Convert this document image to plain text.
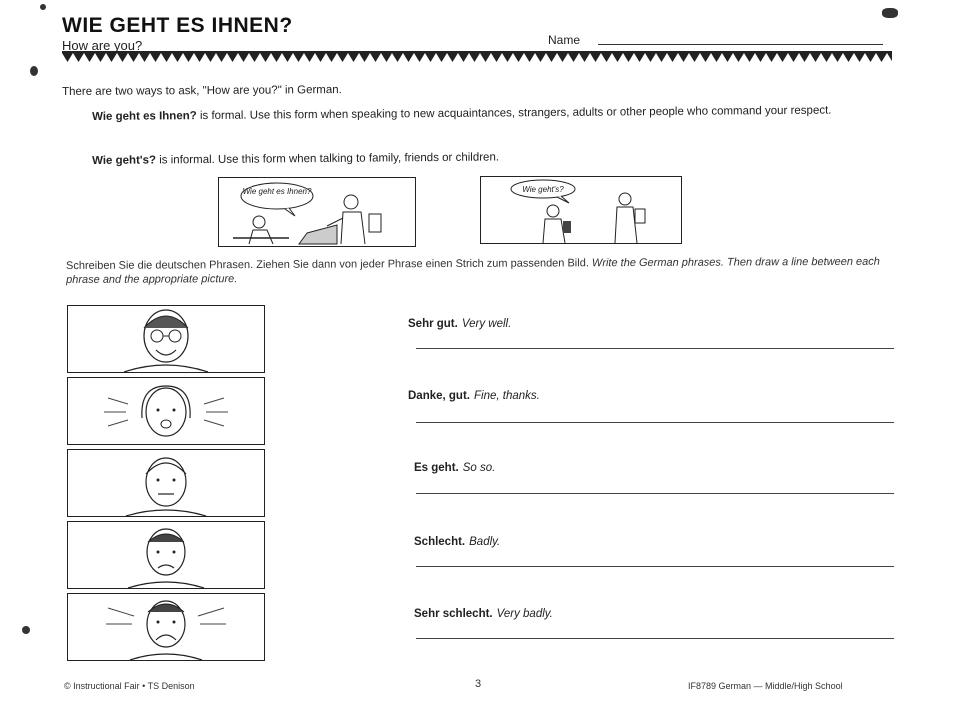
WIE GEHT ES IHNEN?
How are you?	Name
There are two ways to ask, "How are you?" in German.
Wie geht es Ihnen? is formal. Use this form when speaking to new acquaintances, strangers, adults or other people who command your respect.
Wie geht's? is informal. Use this form when talking to family, friends or children.
Wie geht es Ihnen?	Wie geht's?
Schreiben Sie die deutschen Phrasen. Ziehen Sie dann von jeder Phrase einen Strich zum passenden Bild. Write the German phrases. Then draw a line between each phrase and the appropriate picture.
Sehr gut. Very well.
Danke, gut. Fine, thanks.
Es geht. So so.
Schlecht. Badly.
Sehr schlecht. Very badly.
© Instructional Fair • TS Denison	3	IF8789 German — Middle/High School
